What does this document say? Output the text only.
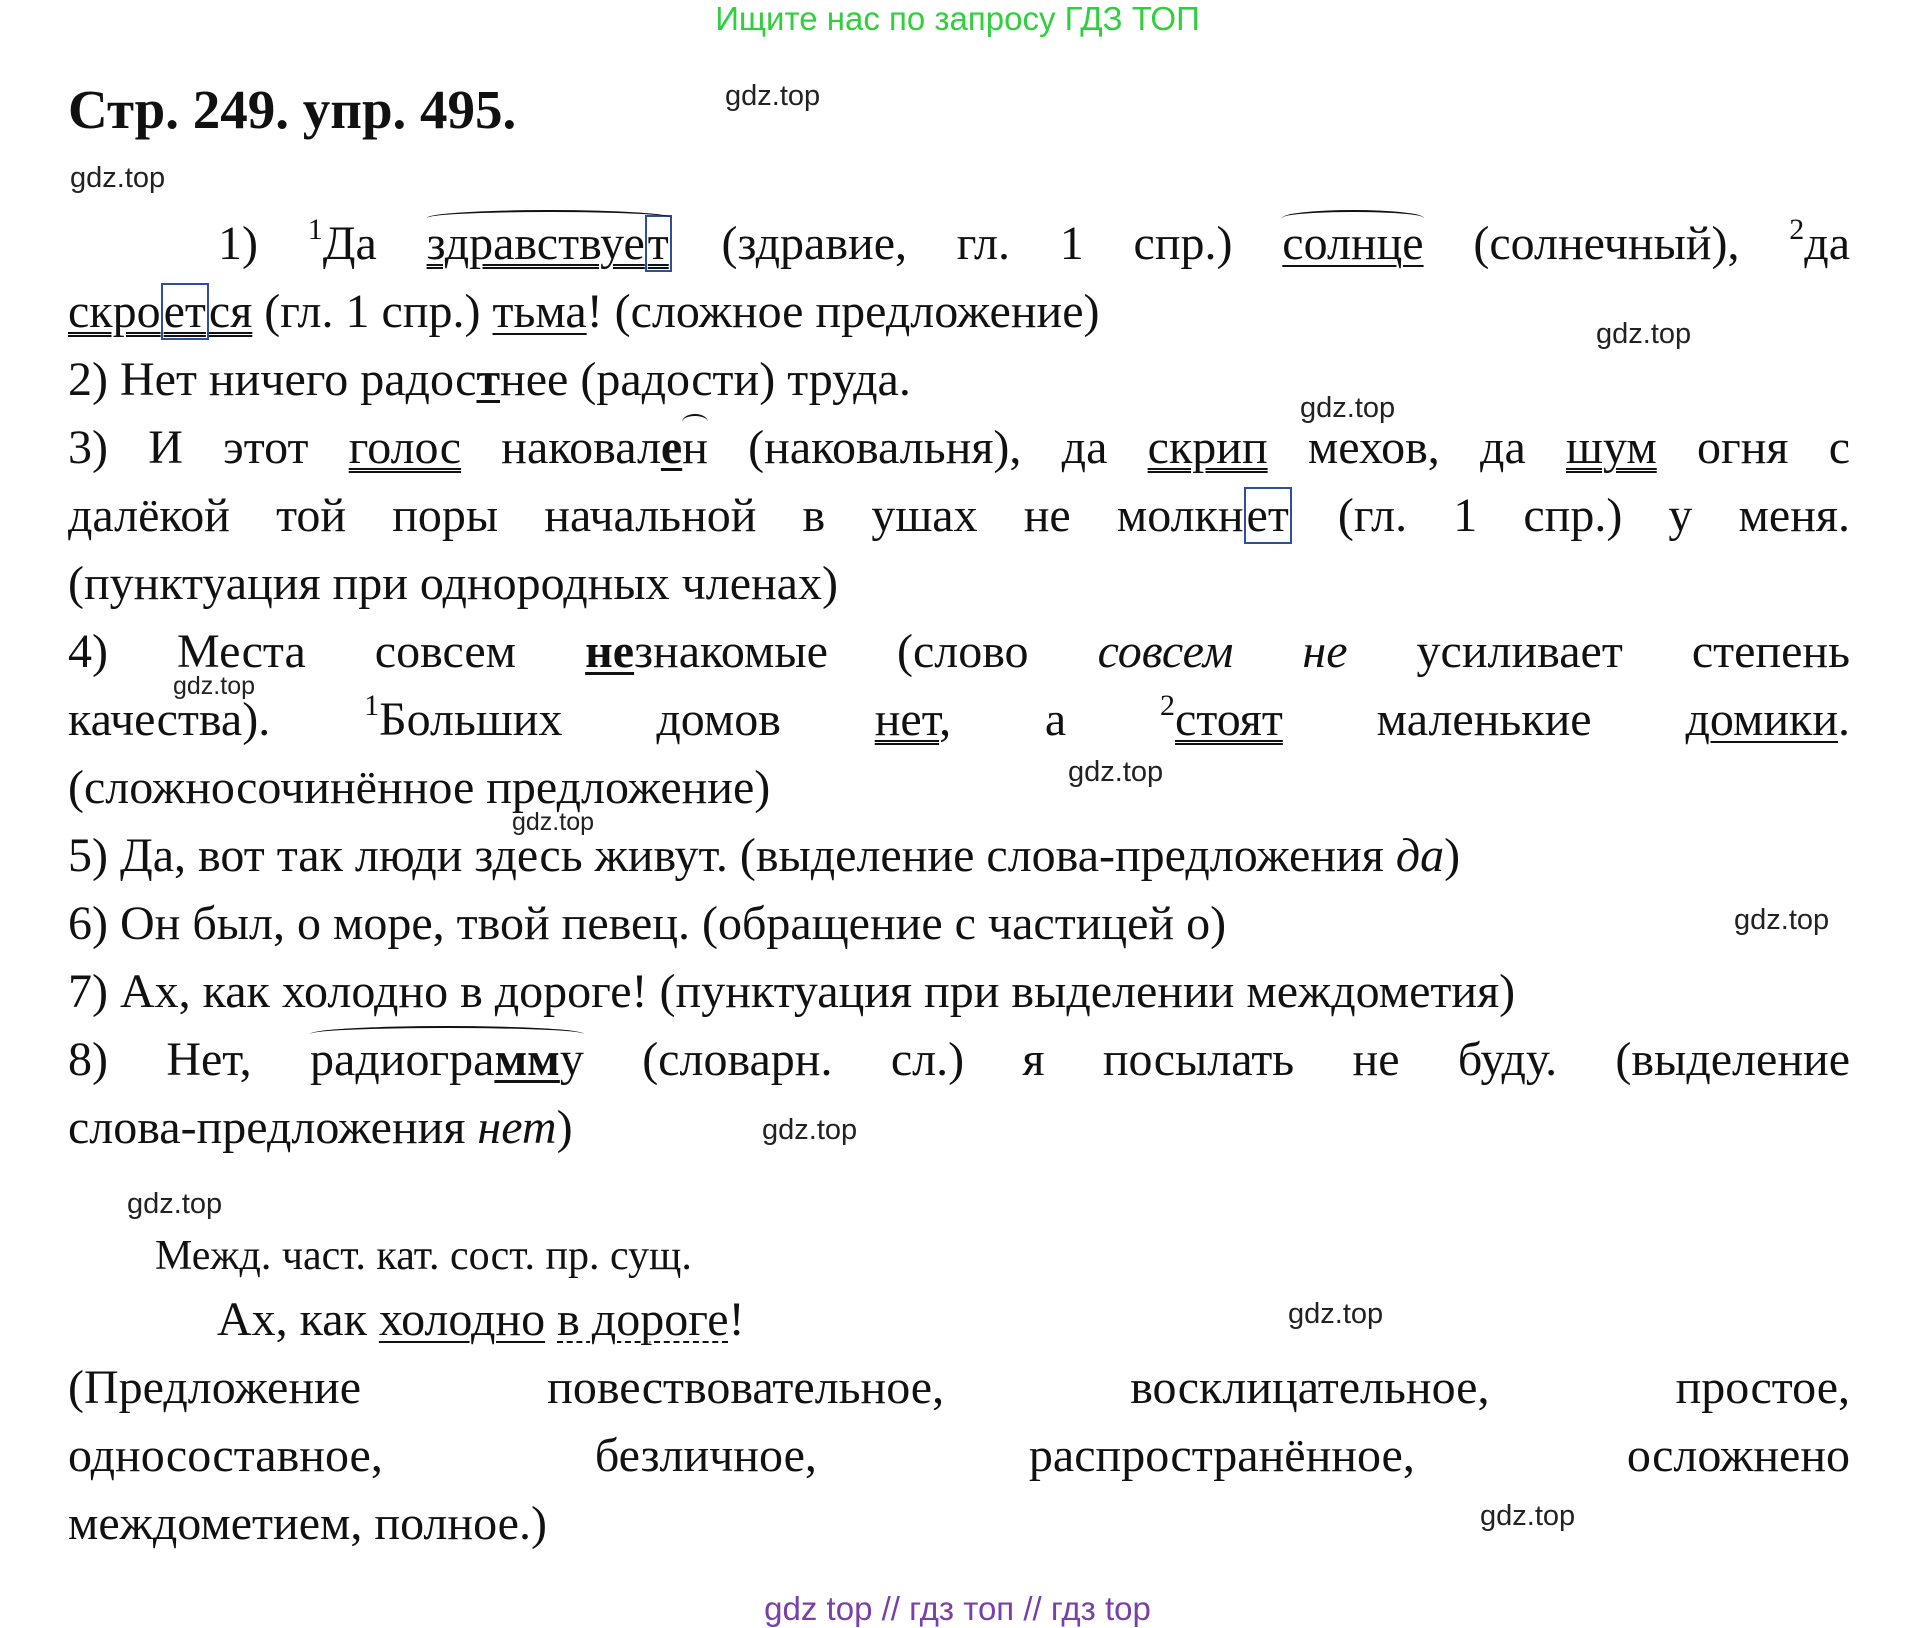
Ищите нас по запросу ГДЗ ТОП
Стр. 249. упр. 495.	gdz.top
gdz.top
gdz.top
gdz.top
gdz.top
gdz.top
gdz.top
gdz.top
gdz.top
gdz.top
gdz.top
gdz.top
1) $^1$Да здравствует (здравие, гл. 1 спр.) солнце (солнечный), $^2$да
скроется (гл. 1 спр.) тьма! (сложное предложение)
2) Нет ничего радостнее (радости) труда.
3) И этот голос наковален (наковальня), да скрип мехов, да шум огня с
далёкой той поры начальной в ушах не молкнет (гл. 1 спр.) у меня.
(пунктуация при однородных членах)
4) Места совсем незнакомые (слово совсем не усиливает степень
качества). $^1$Больших домов нет, а $^2$стоят маленькие домики.
(сложносочинённое предложение)
5) Да, вот так люди здесь живут. (выделение слова-предложения да)
6) Он был, о море, твой певец. (обращение с частицей о)
7) Ах, как холодно в дороге! (пунктуация при выделении междометия)
8) Нет, радиограмму (словарн. сл.) я посылать не буду. (выделение
слова-предложения нет)
Межд. част. кат. сост. пр. сущ.
Ах, как холодно в дороге!
(Предложение повествовательное, восклицательное, простое,
односоставное, безличное, распространённое, осложнено
междометием, полное.)
gdz top // гдз топ // гдз top
